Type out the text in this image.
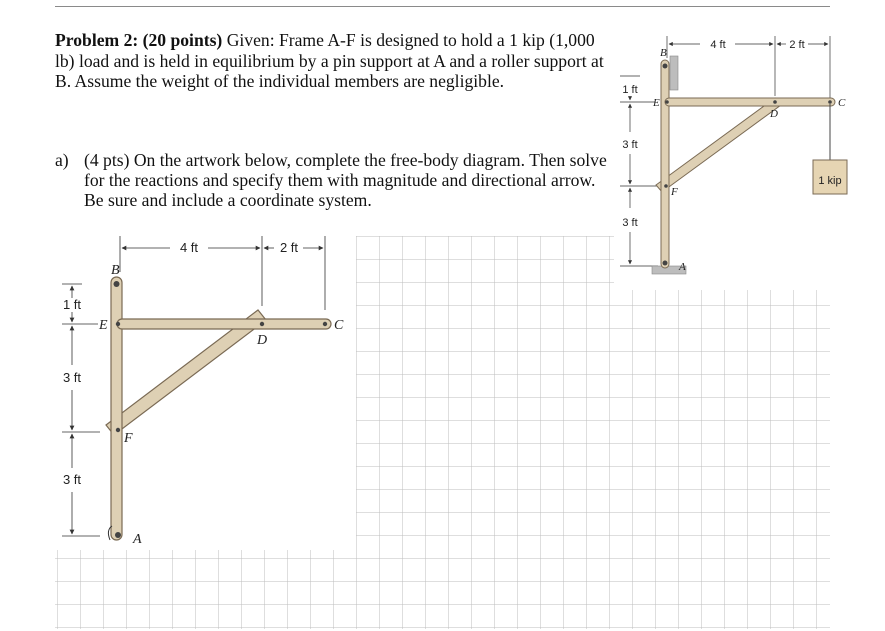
Problem 2: (20 points) Given: Frame A-F is designed to hold a 1 kip (1,000 lb) load and is held in equilibrium by a pin support at A and a roller support at B. Assume the weight of the individual members are negligible.

a) (4 pts) On the artwork below, complete the free-body diagram. Then solve for the reactions and specify them with magnitude and directional arrow. Be sure and include a coordinate system.
4 ft	2 ft
1 ft
3 ft
3 ft
B
E
D
C
F
A
4 ft	2 ft
1 ft
3 ft
3 ft
1 kip
B
E
D
C
F
A
